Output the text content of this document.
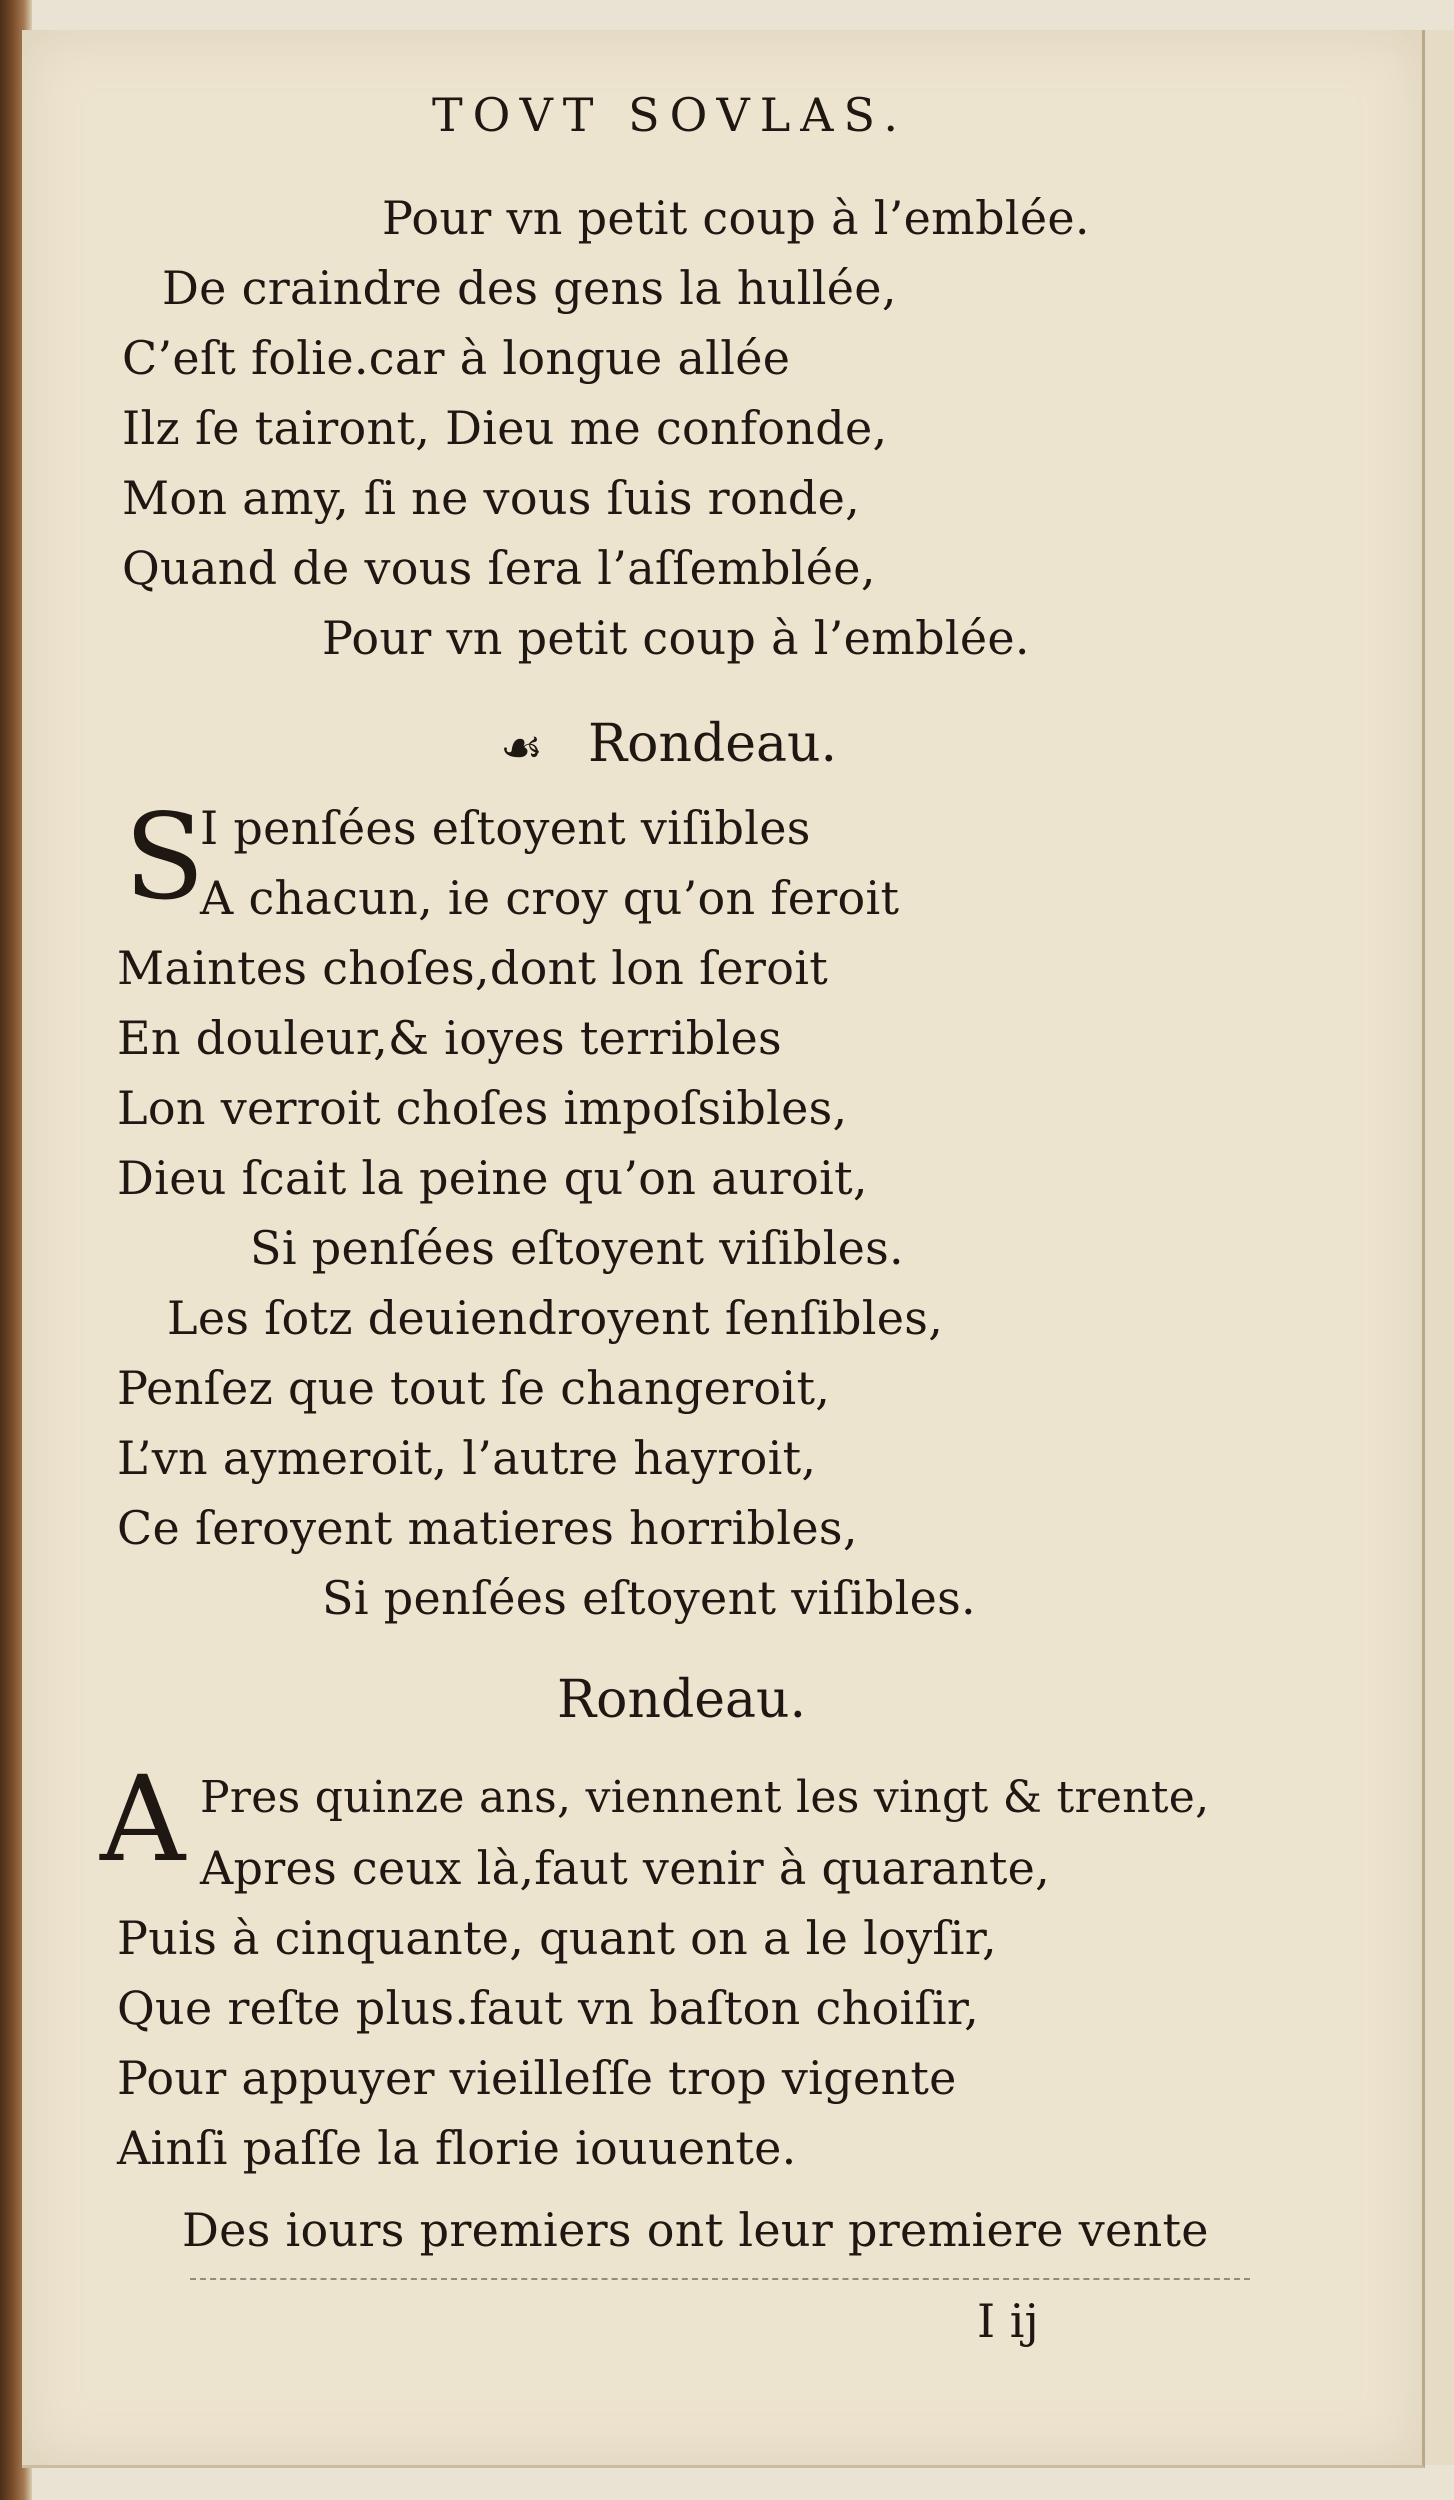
TOVT SOVLAS.
Pour vn petit coup à l’emblée.
De craindre des gens la hullée,
C’eſt folie.car à longue allée
Ilz ſe tairont, Dieu me confonde,
Mon amy, ſi ne vous ſuis ronde,
Quand de vous ſera l’aſſemblée,
Pour vn petit coup à l’emblée.
☙ Rondeau.
S
I penſées eſtoyent viſibles
A chacun, ie croy qu’on feroit
Maintes choſes,dont lon ſeroit
En douleur,& ioyes terribles
Lon verroit choſes impoſsibles,
Dieu ſcait la peine qu’on auroit,
Si penſées eſtoyent viſibles.
Les ſotz deuiendroyent ſenſibles,
Penſez que tout ſe changeroit,
L’vn aymeroit, l’autre hayroit,
Ce ſeroyent matieres horribles,
Si penſées eſtoyent viſibles.
Rondeau.
A Pres quinze ans, viennent les vingt & trente,
Apres ceux là,faut venir à quarante,
Puis à cinquante, quant on a le loyſir,
Que reſte plus.faut vn baſton choiſir,
Pour appuyer vieilleſſe trop vigente
Ainſi paſſe la florie iouuente.
Des iours premiers ont leur premiere vente
I ij
